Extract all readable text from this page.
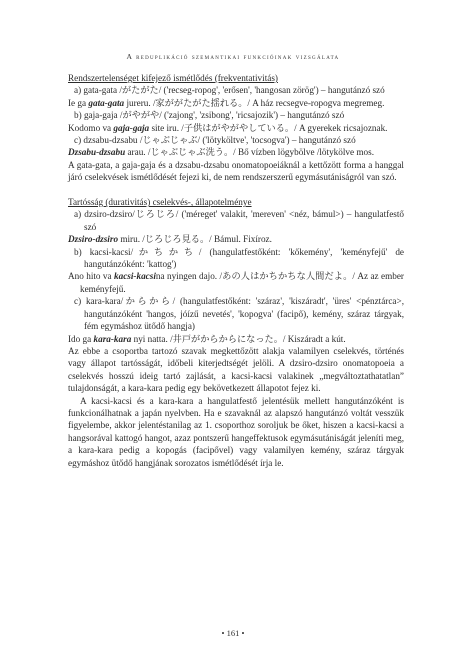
A reduplikáció szemantikai funkcióinak vizsgálata

Rendszertelenséget kifejező ismétlődés (frekventativitás)

a) gata-gata /がたがた/ ('recseg-ropog', 'erősen', 'hangosan zörög') – hangutánzó szó

Ie ga gata-gata jureru. /家ががたがた揺れる。/ A ház recsegve-ropogva megremeg.

b) gaja-gaja /がやがや/ ('zajong', 'zsibong', 'ricsajozik') – hangutánzó szó

Kodomo va gaja-gaja site iru. /子供はがやがやしている。/ A gyerekek ricsajoznak.

c) dzsabu-dzsabu /じゃぶじゃぶ/ ('lötyköltve', 'tocsogva') – hangutánzó szó

Dzsabu-dzsabu arau. /じゃぶじゃぶ洗う。/ Bő vízben lögybölve /lötykölve mos.

A gata-gata, a gaja-gaja és a dzsabu-dzsabu onomatopoeiáknál a kettőzött forma a hanggal járó cselekvések ismétlődését fejezi ki, de nem rendszerszerű egymásutániságról van szó.

Tartósság (durativitás) cselekvés-, állapotelménye

a) dzsiro-dzsiro/じろじろ/ ('méreget' valakit, 'mereven' <néz, bámul>) – hangulatfestő szó

Dzsiro-dzsiro miru. /じろじろ見る。/ Bámul. Fixíroz.

b) kacsi-kacsi/かちかち/ (hangulatfestőként: 'kőkemény', 'keményfejű' de hangutánzóként: 'kattog')

Ano hito va kacsi-kacsina nyingen dajo. /あの人はかちかちな人間だよ。/ Az az ember keményfejű.

c) kara-kara/からから/ (hangulatfestőként: 'száraz', 'kiszáradt', 'üres' <pénztárca>, hangutánzóként 'hangos, jóízű nevetés', 'kopogva' (facipő), kemény, száraz tárgyak, fém egymáshoz ütődő hangja)

Ido ga kara-kara nyi natta. /井戸がからからになった。/ Kiszáradt a kút.

Az ebbe a csoportba tartozó szavak megkettőzött alakja valamilyen cselekvés, történés vagy állapot tartósságát, időbeli kiterjedtségét jelöli. A dzsiro-dzsiro onomatopoeia a cselekvés hosszú ideig tartó zajlását, a kacsi-kacsi valakinek „megváltoztathatatlan” tulajdonságát, a kara-kara pedig egy bekövetkezett állapotot fejez ki.

A kacsi-kacsi és a kara-kara a hangulatfestő jelentésük mellett hangutánzóként is funkcionálhatnak a japán nyelvben. Ha e szavaknál az alapszó hangutánzó voltát vesszük figyelembe, akkor jelentéstanilag az 1. csoporthoz soroljuk be őket, hiszen a kacsi-kacsi a hangsorával kattogó hangot, azaz pontszerű hangeffektusok egymásutániságát jeleníti meg, a kara-kara pedig a kopogás (facipővel) vagy valamilyen kemény, száraz tárgyak egymáshoz ütődő hangjának sorozatos ismétlődését írja le.

• 161 •
